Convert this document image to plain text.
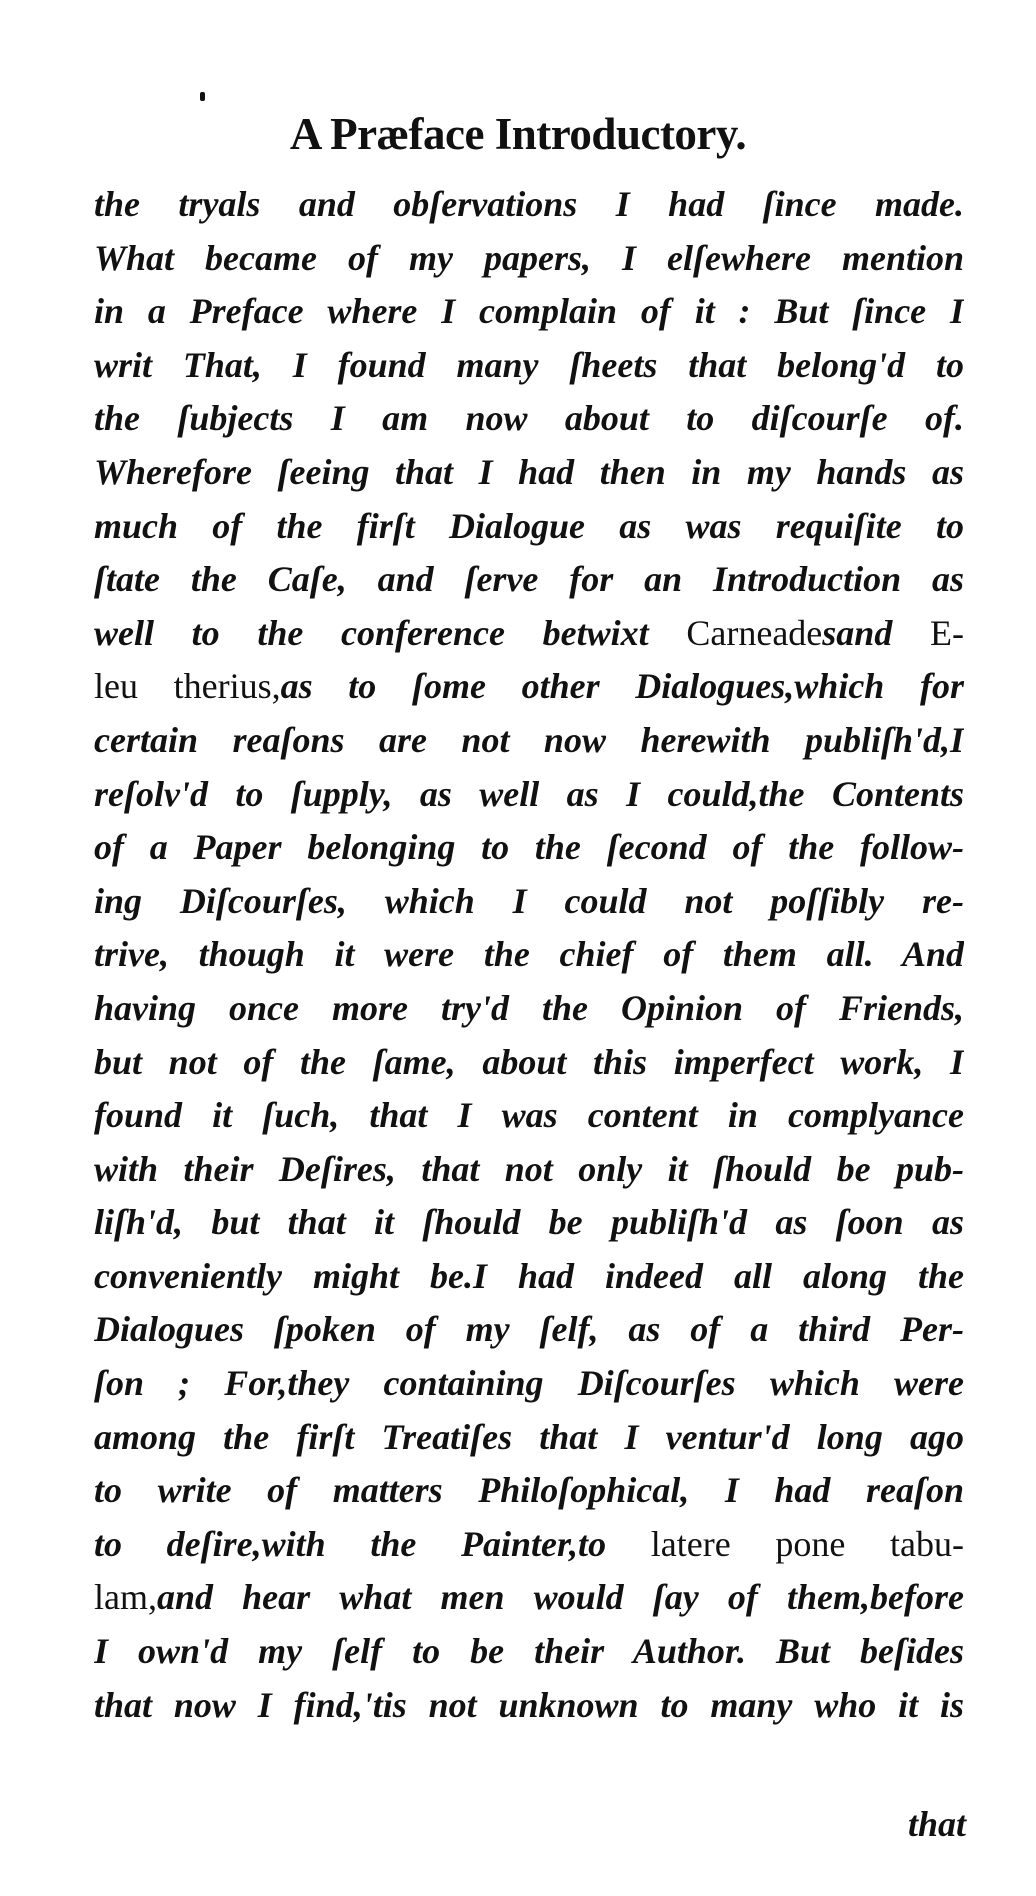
A Præface Introductory.
the tryals and obſervations I had ſince made.
What became of my papers, I elſewhere mention
in a Preface where I complain of it : But ſince I
writ That, I found many ſheets that belong'd to
the ſubjects I am now about to diſcourſe of.
Wherefore ſeeing that I had then in my hands as
much of the firſt Dialogue as was requiſite to
ſtate the Caſe, and ſerve for an Introduction as
well to the conference betwixt Carneadesand E-
leu therius,as to ſome other Dialogues,which for
certain reaſons are not now herewith publiſh'd,I
reſolv'd to ſupply, as well as I could,the Contents
of a Paper belonging to the ſecond of the follow-
ing Diſcourſes, which I could not poſſibly re-
trive, though it were the chief of them all. And
having once more try'd the Opinion of Friends,
but not of the ſame, about this imperfect work, I
found it ſuch, that I was content in complyance
with their Deſires, that not only it ſhould be pub-
liſh'd, but that it ſhould be publiſh'd as ſoon as
conveniently might be.I had indeed all along the
Dialogues ſpoken of my ſelf, as of a third Per-
ſon ; For,they containing Diſcourſes which were
among the firſt Treatiſes that I ventur'd long ago
to write of matters Philoſophical, I had reaſon
to deſire,with the Painter,to latere pone tabu-
lam,and hear what men would ſay of them,before
I own'd my ſelf to be their Author. But beſides
that now I find,'tis not unknown to many who it is
that
